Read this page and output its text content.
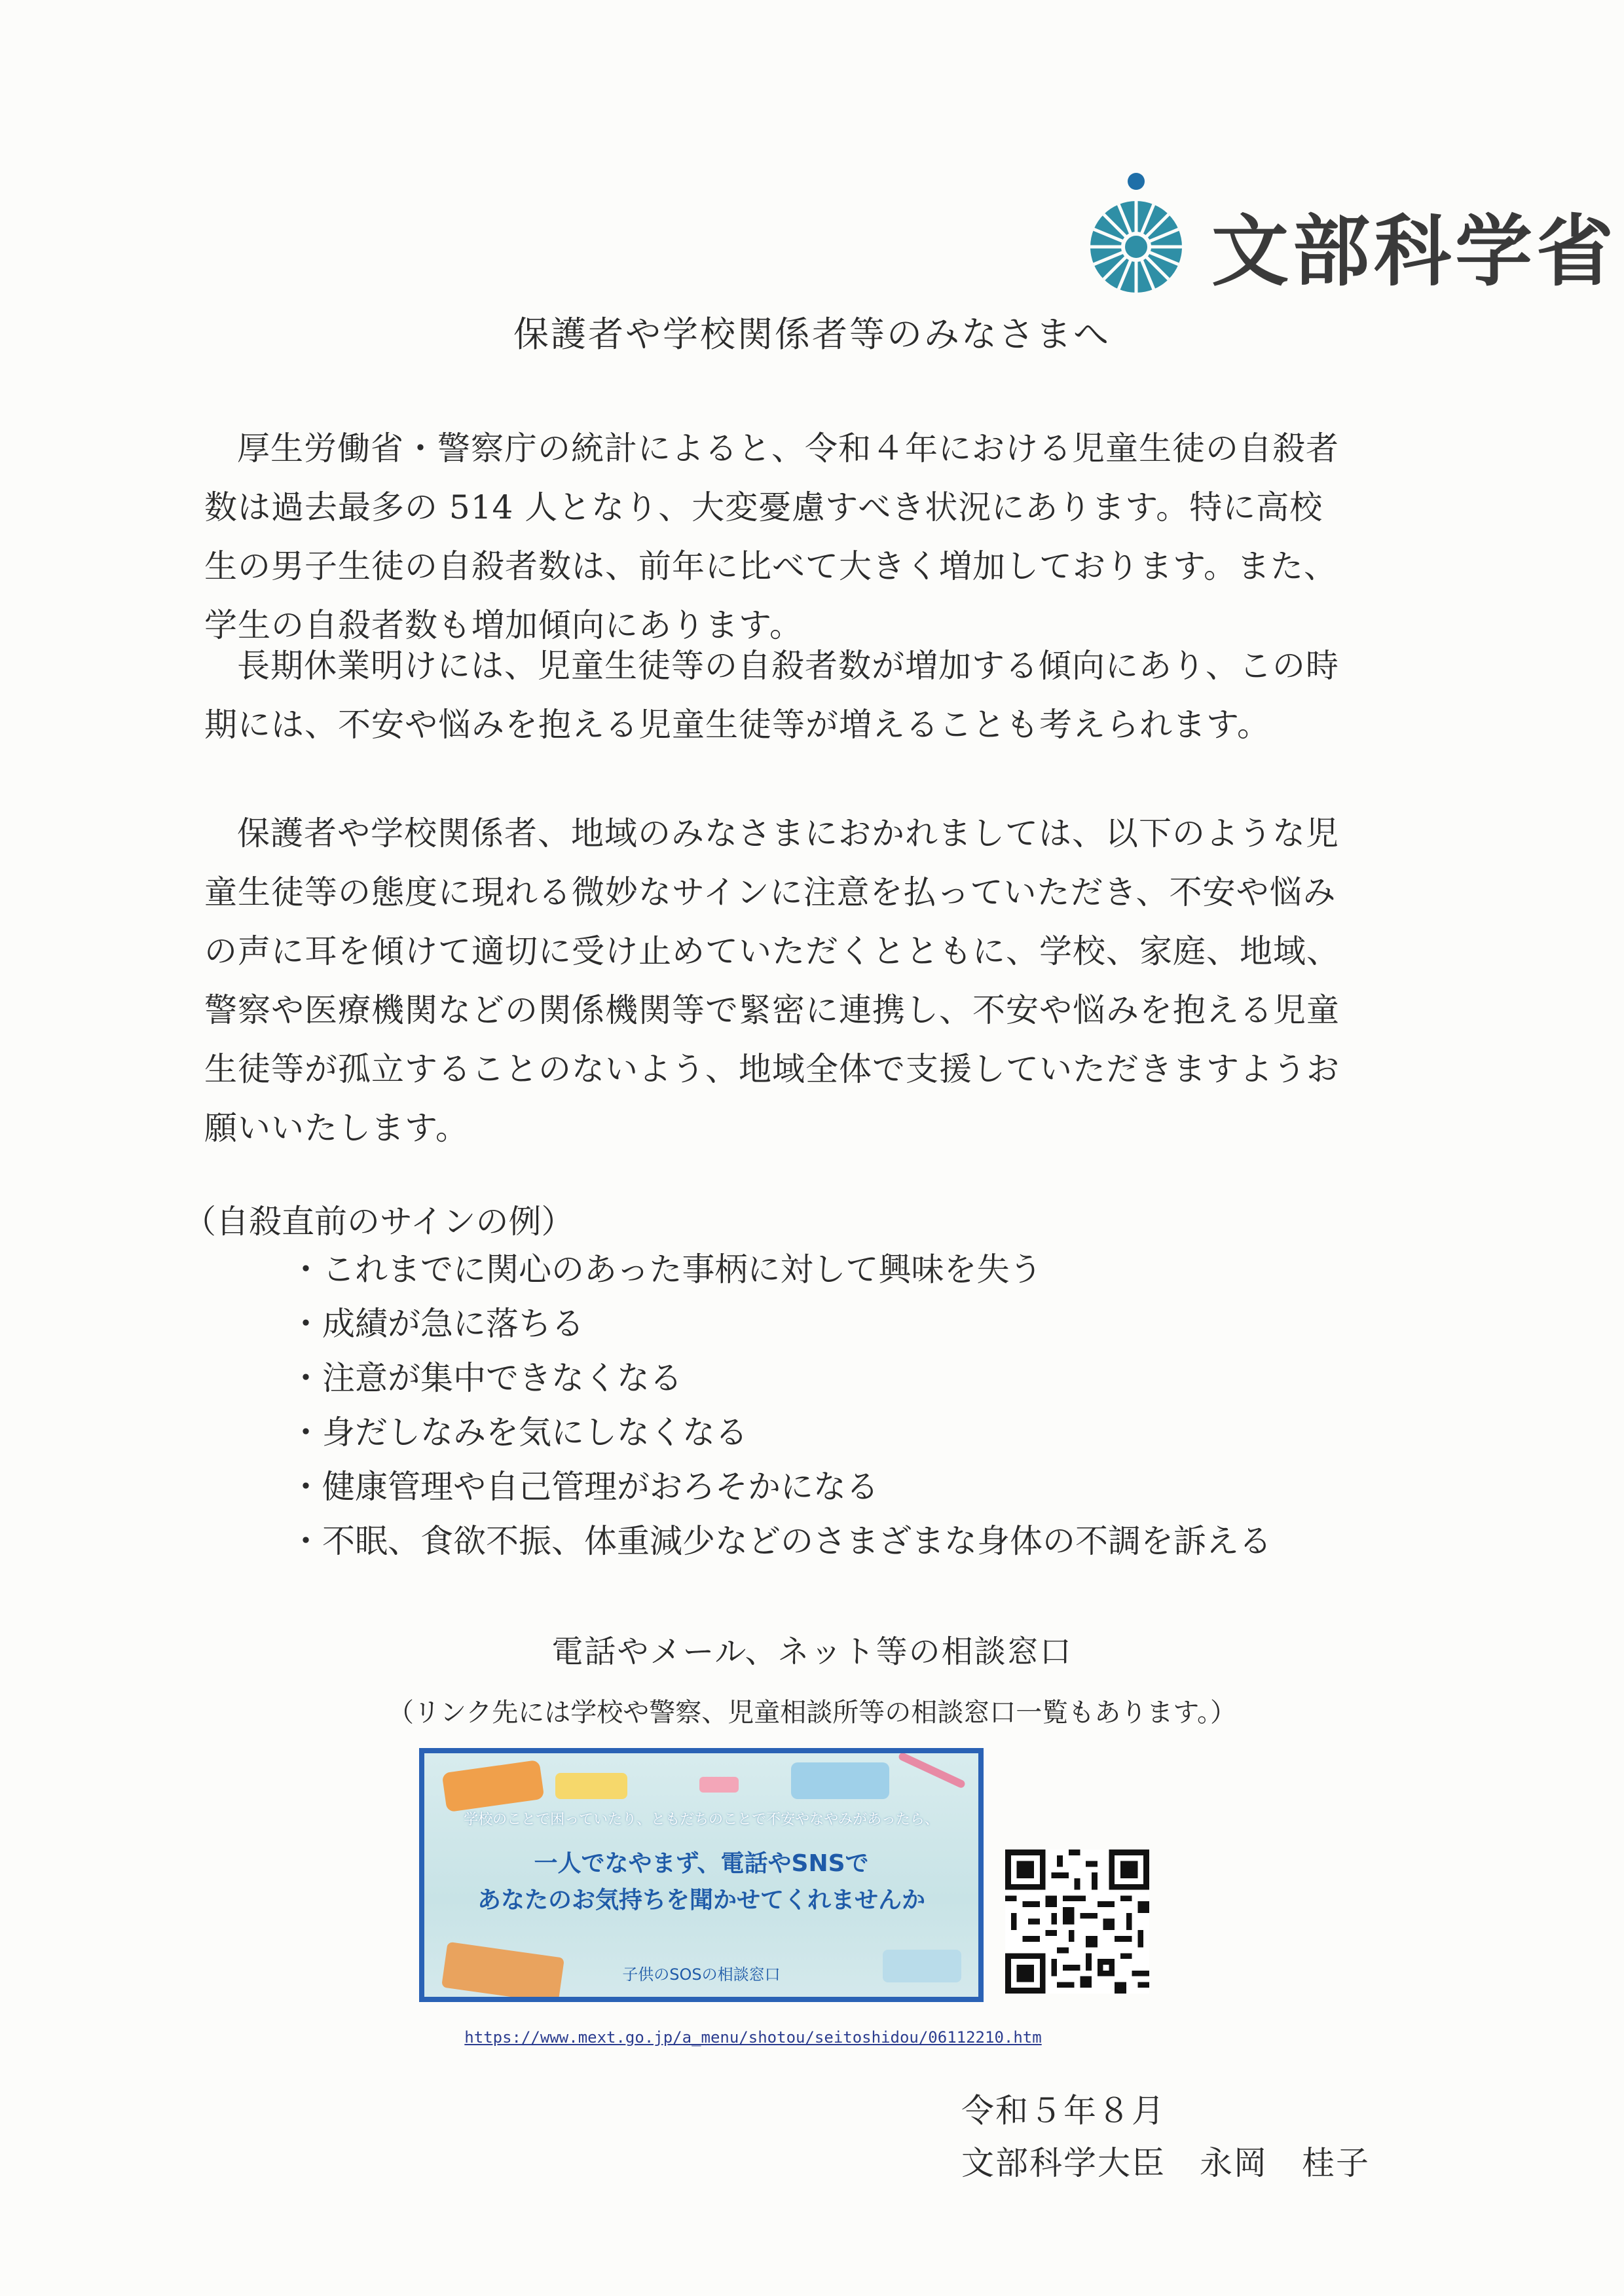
文部科学省
保護者や学校関係者等のみなさまへ

厚生労働省・警察庁の統計によると、令和４年における児童生徒の自殺者
数は過去最多の 514 人となり、大変憂慮すべき状況にあります。特に高校
生の男子生徒の自殺者数は、前年に比べて大きく増加しております。また、
学生の自殺者数も増加傾向にあります。

長期休業明けには、児童生徒等の自殺者数が増加する傾向にあり、この時
期には、不安や悩みを抱える児童生徒等が増えることも考えられます。

保護者や学校関係者、地域のみなさまにおかれましては、以下のような児
童生徒等の態度に現れる微妙なサインに注意を払っていただき、不安や悩み
の声に耳を傾けて適切に受け止めていただくとともに、学校、家庭、地域、
警察や医療機関などの関係機関等で緊密に連携し、不安や悩みを抱える児童
生徒等が孤立することのないよう、地域全体で支援していただきますようお
願いいたします。

（自殺直前のサインの例）
・これまでに関心のあった事柄に対して興味を失う
・成績が急に落ちる
・注意が集中できなくなる
・身だしなみを気にしなくなる
・健康管理や自己管理がおろそかになる
・不眠、食欲不振、体重減少などのさまざまな身体の不調を訴える
電話やメール、ネット等の相談窓口
（リンク先には学校や警察、児童相談所等の相談窓口一覧もあります。）
学校のことで困っていたり、ともだちのことで不安やなやみがあったら、
一人でなやまず、電話やSNSで
あなたのお気持ちを聞かせてくれませんか
子供のSOSの相談窓口
https://www.mext.go.jp/a_menu/shotou/seitoshidou/06112210.htm
令和５年８月
文部科学大臣　永岡　桂子
